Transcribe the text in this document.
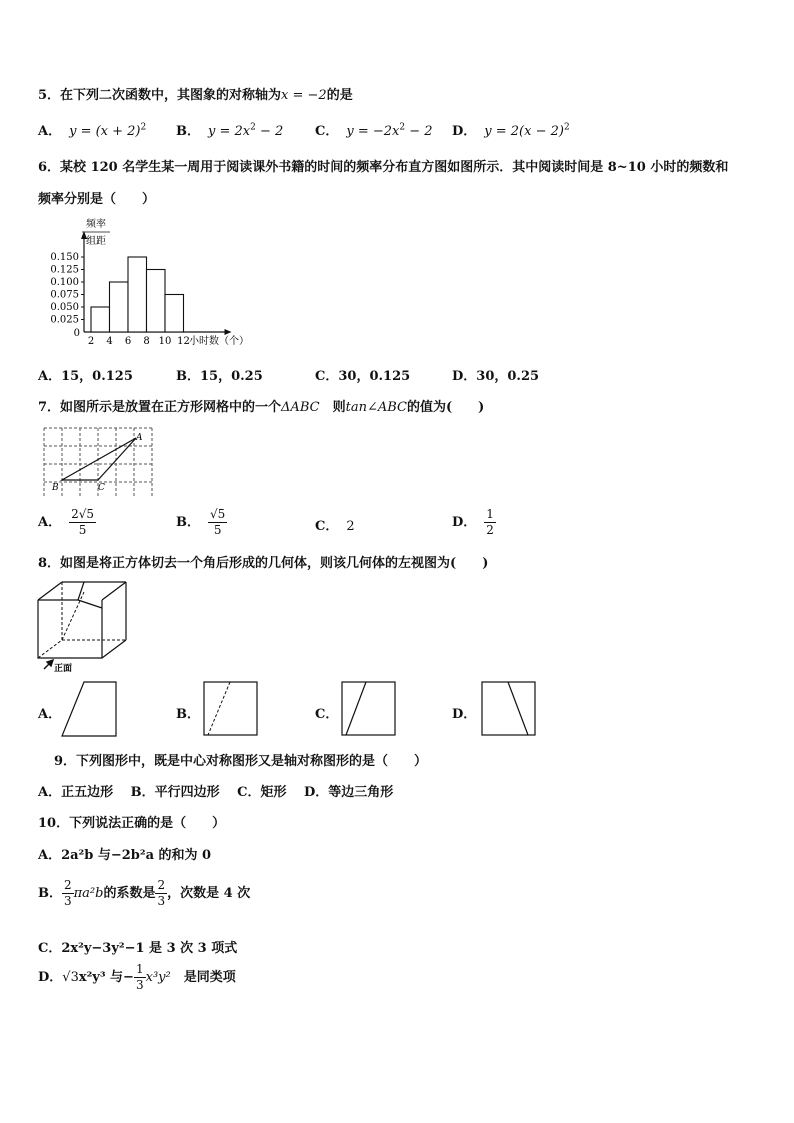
5．在下列二次函数中，其图象的对称轴为x = −2的是
A． $y = (x + 2)^2$ B． $y = 2x^2 - 2$ C． $y = -2x^2 - 2$ D． $y = 2(x - 2)^2$
6．某校 120 名学生某一周用于阅读课外书籍的时间的频率分布直方图如图所示．其中阅读时间是 8~10 小时的频数和
频率分别是（　　）
0.150
0.125
0.100
0.075
0.050
0.025
2 4 6 8 10 12
频率
组距
0
小时数（个）
A．15，0.125	B．15，0.25	C．30，0.125	D．30，0.25
7．如图所示是放置在正方形网格中的一个ΔABC　则tan∠ABC的值为(　　)
A
B	C
A． $\frac{2√5}{5}$	B． $\frac{√5}{5}$	C． 2	D． $\frac{1}{2}$
8．如图是将正方体切去一个角后形成的几何体，则该几何体的左视图为(　　)
正面
A．	B．	C．	D．
9．下列图形中，既是中心对称图形又是轴对称图形的是（　　）
A．正五边形　 B．平行四边形　 C．矩形　 D．等边三角形
10．下列说法正确的是（　　）
A．2a²b 与−2b²a 的和为 0
B． $\frac{2}{3} \pi a^2b$的系数是 $\frac{2}{3}$ ，次数是 4 次
C．2x²y−3y²−1 是 3 次 3 项式
D．√3x²y³ 与− $\frac{1}{3} x^3y^2$　 是同类项
